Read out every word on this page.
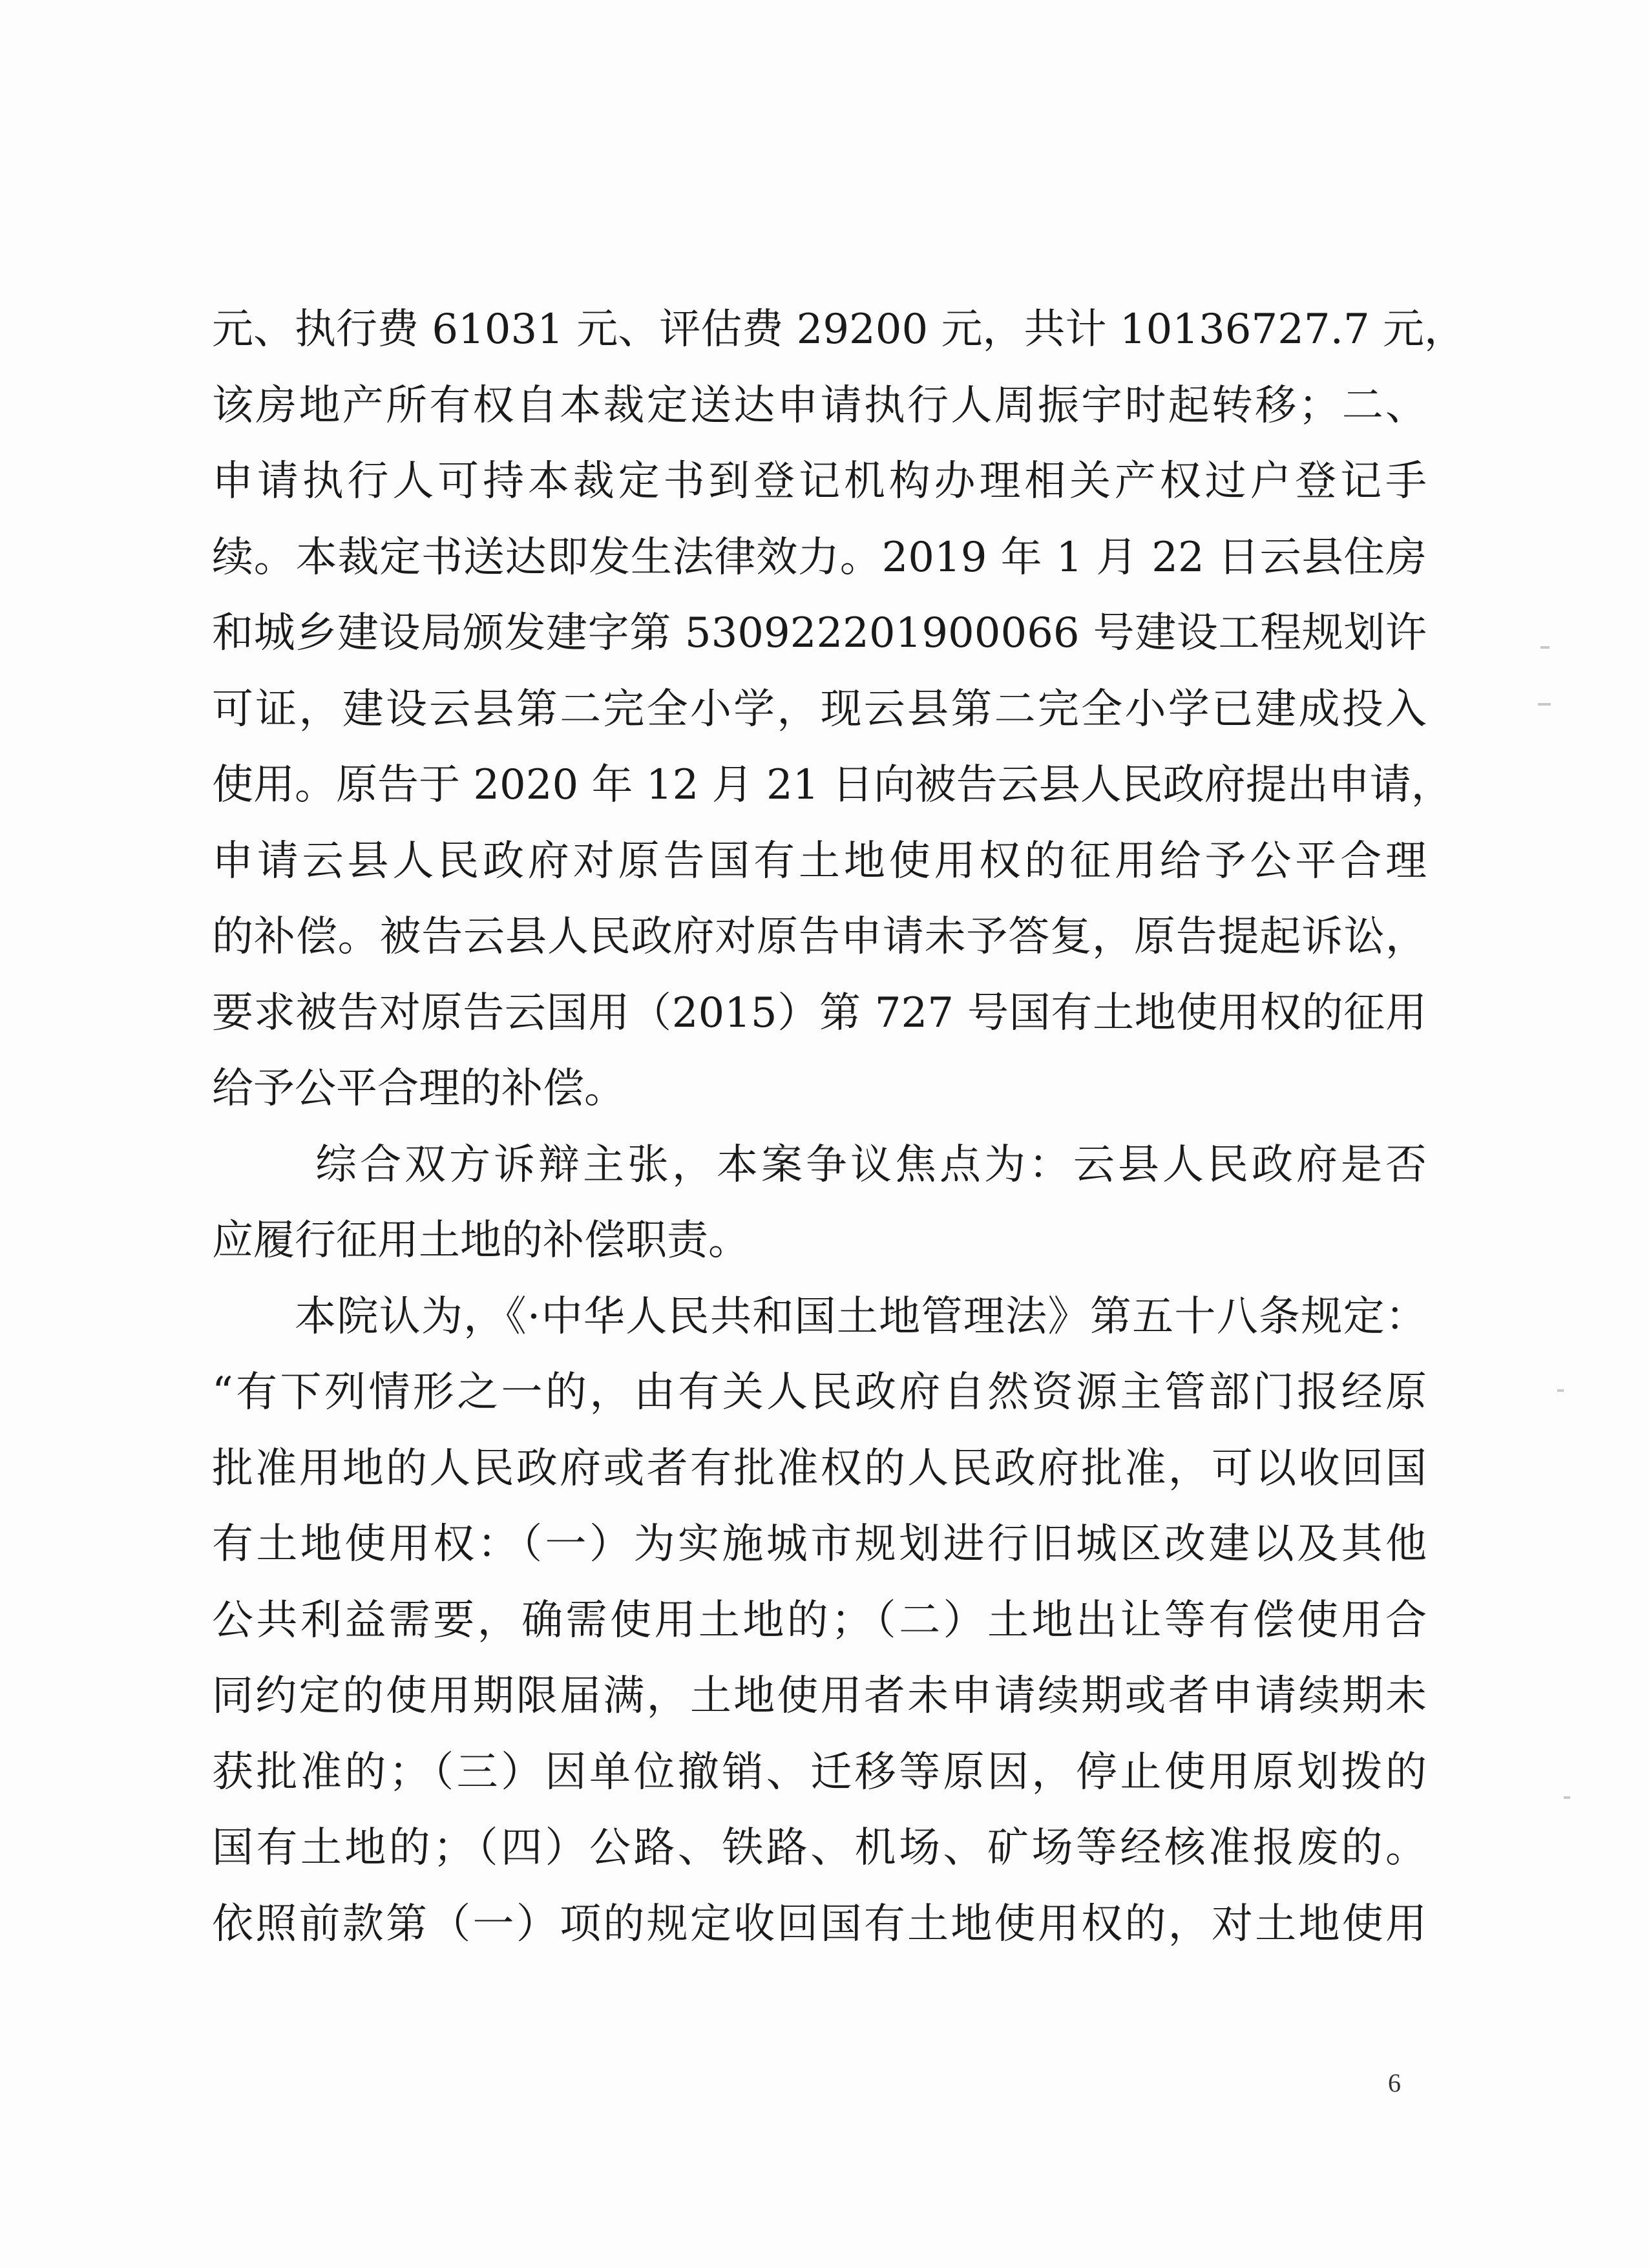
元、执行费 61031 元、评估费 29200 元，共计 10136727.7 元，
该房地产所有权自本裁定送达申请执行人周振宇时起转移；二、
申请执行人可持本裁定书到登记机构办理相关产权过户登记手
续。本裁定书送达即发生法律效力。2019 年 1 月 22 日云县住房
和城乡建设局颁发建字第 530922201900066 号建设工程规划许
可证，建设云县第二完全小学，现云县第二完全小学已建成投入
使用。原告于 2020 年 12 月 21 日向被告云县人民政府提出申请，
申请云县人民政府对原告国有土地使用权的征用给予公平合理
的补偿。被告云县人民政府对原告申请未予答复，原告提起诉讼，
要求被告对原告云国用（2015）第 727 号国有土地使用权的征用
给予公平合理的补偿。
综合双方诉辩主张，本案争议焦点为：云县人民政府是否
应履行征用土地的补偿职责。
本院认为，《·中华人民共和国土地管理法》第五十八条规定：
“有下列情形之一的，由有关人民政府自然资源主管部门报经原
批准用地的人民政府或者有批准权的人民政府批准，可以收回国
有土地使用权：（一）为实施城市规划进行旧城区改建以及其他
公共利益需要，确需使用土地的；（二）土地出让等有偿使用合
同约定的使用期限届满，土地使用者未申请续期或者申请续期未
获批准的；（三）因单位撤销、迁移等原因，停止使用原划拨的
国有土地的；（四）公路、铁路、机场、矿场等经核准报废的。
依照前款第（一）项的规定收回国有土地使用权的，对土地使用
6
